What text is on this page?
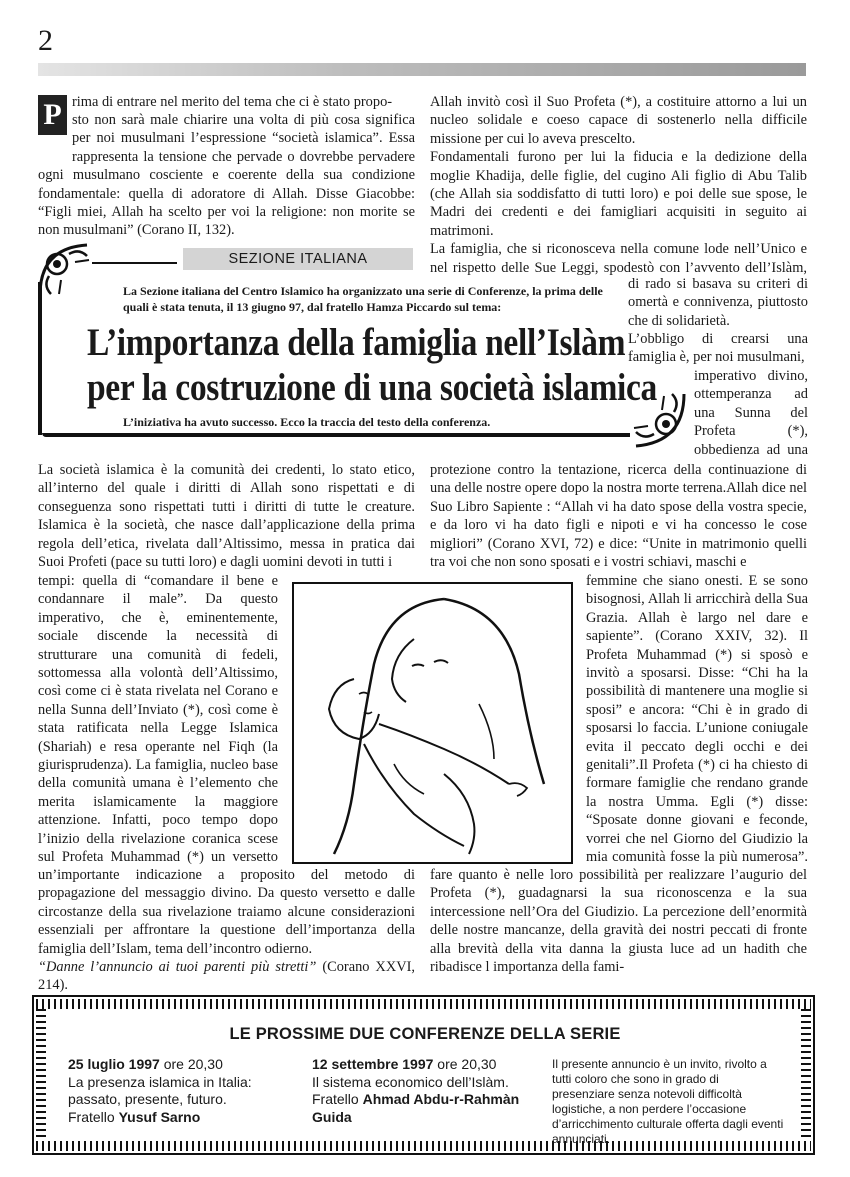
2
P rima di entrare nel merito del tema che ci è stato propo-

sto non sarà male chiarire una volta di più cosa significa per noi musulmani l’espressione “società islamica”. Essa

rappresenta la tensione che pervade o dovrebbe pervadere ogni musulmano cosciente e coerente della sua condizione fondamentale: quella di adoratore di Allah. Disse Giacobbe: “Figli miei, Allah ha scelto per voi la religione: non morite se non musulmani” (Corano II, 132).

Allah invitò così il Suo Profeta (*), a costituire attorno a lui un nucleo solidale e coeso capace di sostenerlo nella difficile missione per cui lo aveva prescelto.

Fondamentali furono per lui la fiducia e la dedizione della moglie Khadija, delle figlie, del cugino Ali figlio di Abu Talib (che Allah sia soddisfatto di tutti loro) e poi delle sue spose, le Madri dei credenti e dei famigliari acquisiti in seguito ai matrimoni.

La famiglia, che si riconosceva nella comune lode nell’Unico e nel rispetto delle Sue Leggi, spodestò con l’avvento dell’Islàm,

di rado si basava su criteri di omertà e connivenza, piuttosto che di solidarietà.

L’obbligo di crearsi una famiglia è, per noi musulmani,

imperativo divino, ottemperanza ad una Sunna del Profeta (*), obbedienza ad una

SEZIONE ITALIANA
La Sezione italiana del Centro Islamico ha organizzato una serie di Conferenze, la prima delle quali è stata tenuta, il 13 giugno 97, dal fratello Hamza Piccardo sul tema:
L’importanza della famiglia nell’Islàm
per la costruzione di una società islamica
L’iniziativa ha avuto successo. Ecco la traccia del testo della conferenza.

La società islamica è la comunità dei credenti, lo stato etico, all’interno del quale i diritti di Allah sono rispettati e di conseguenza sono rispettati tutti i diritti di tutte le creature. Islamica è la società, che nasce dall’applicazione della prima regola dell’etica, rivelata dall’Altissimo, messa in pratica dai Suoi Profeti (pace su tutti loro) e dagli uomini devoti in tutti i

tempi: quella di “comandare il bene e condannare il male”. Da questo imperativo, che è, eminentemente, sociale discende la necessità di strutturare una comunità di fedeli, sottomessa alla volontà dell’Altissimo, così come ci è stata rivelata nel Corano e nella Sunna dell’Inviato (*), così come è stata ratificata nella Legge Islamica (Shariah) e resa operante nel Fiqh (la giurisprudenza). La famiglia, nucleo base della comunità umana è l’elemento che merita islamicamente la maggiore attenzione. Infatti, poco tempo dopo l’inizio della rivelazione coranica scese sul Profeta Muhammad (*) un versetto

un’importante indicazione a proposito del metodo di propagazione del messaggio divino. Da questo versetto e dalle circostanze della sua rivelazione traiamo alcune considerazioni essenziali per affrontare la questione dell’importanza della famiglia dell’Islam, tema dell’incontro odierno.

“Danne l’annuncio ai tuoi parenti più stretti” (Corano XXVI, 214).

protezione contro la tentazione, ricerca della continuazione di una delle nostre opere dopo la nostra morte terrena.Allah dice nel Suo Libro Sapiente : “Allah vi ha dato spose della vostra specie, e da loro vi ha dato figli e nipoti e vi ha concesso le cose migliori” (Corano XVI, 72) e dice: “Unite in matrimonio quelli tra voi che non sono sposati e i vostri schiavi, maschi e

femmine che siano onesti. E se sono bisognosi, Allah li arricchirà della Sua Grazia. Allah è largo nel dare e sapiente”. (Corano XXIV, 32). Il Profeta Muhammad (*) si sposò e invitò a sposarsi. Disse: “Chi ha la possibilità di mantenere una moglie si sposi” e ancora: “Chi è in grado di sposarsi lo faccia. L’unione coniugale evita il peccato degli occhi e dei genitali”.Il Profeta (*) ci ha chiesto di formare famiglie che rendano grande la nostra Umma. Egli (*) disse: “Sposate donne giovani e feconde, vorrei che nel Giorno del Giudizio la mia comunità fosse la più numerosa”.

fare quanto è nelle loro possibilità per realizzare l’augurio del Profeta (*), guadagnarsi la sua riconoscenza e la sua intercessione nell’Ora del Giudizio. La percezione dell’enormità delle nostre mancanze, della gravità dei nostri peccati di fronte alla brevità della vita danna la giusta luce ad un hadith che ribadisce l importanza della fami-

LE PROSSIME DUE CONFERENZE DELLA SERIE
25 luglio 1997 ore 20,30
La presenza islamica in Italia:
passato, presente, futuro.
Fratello Yusuf Sarno
12 settembre 1997 ore 20,30
Il sistema economico dell’Islàm.
Fratello Ahmad Abdu-r-Rahmàn Guida
Il presente annuncio è un invito, rivolto a tutti coloro che sono in grado di presenziare senza notevoli difficoltà logistiche, a non perdere l’occasione d’arricchimento culturale offerta dagli eventi annunciati.
